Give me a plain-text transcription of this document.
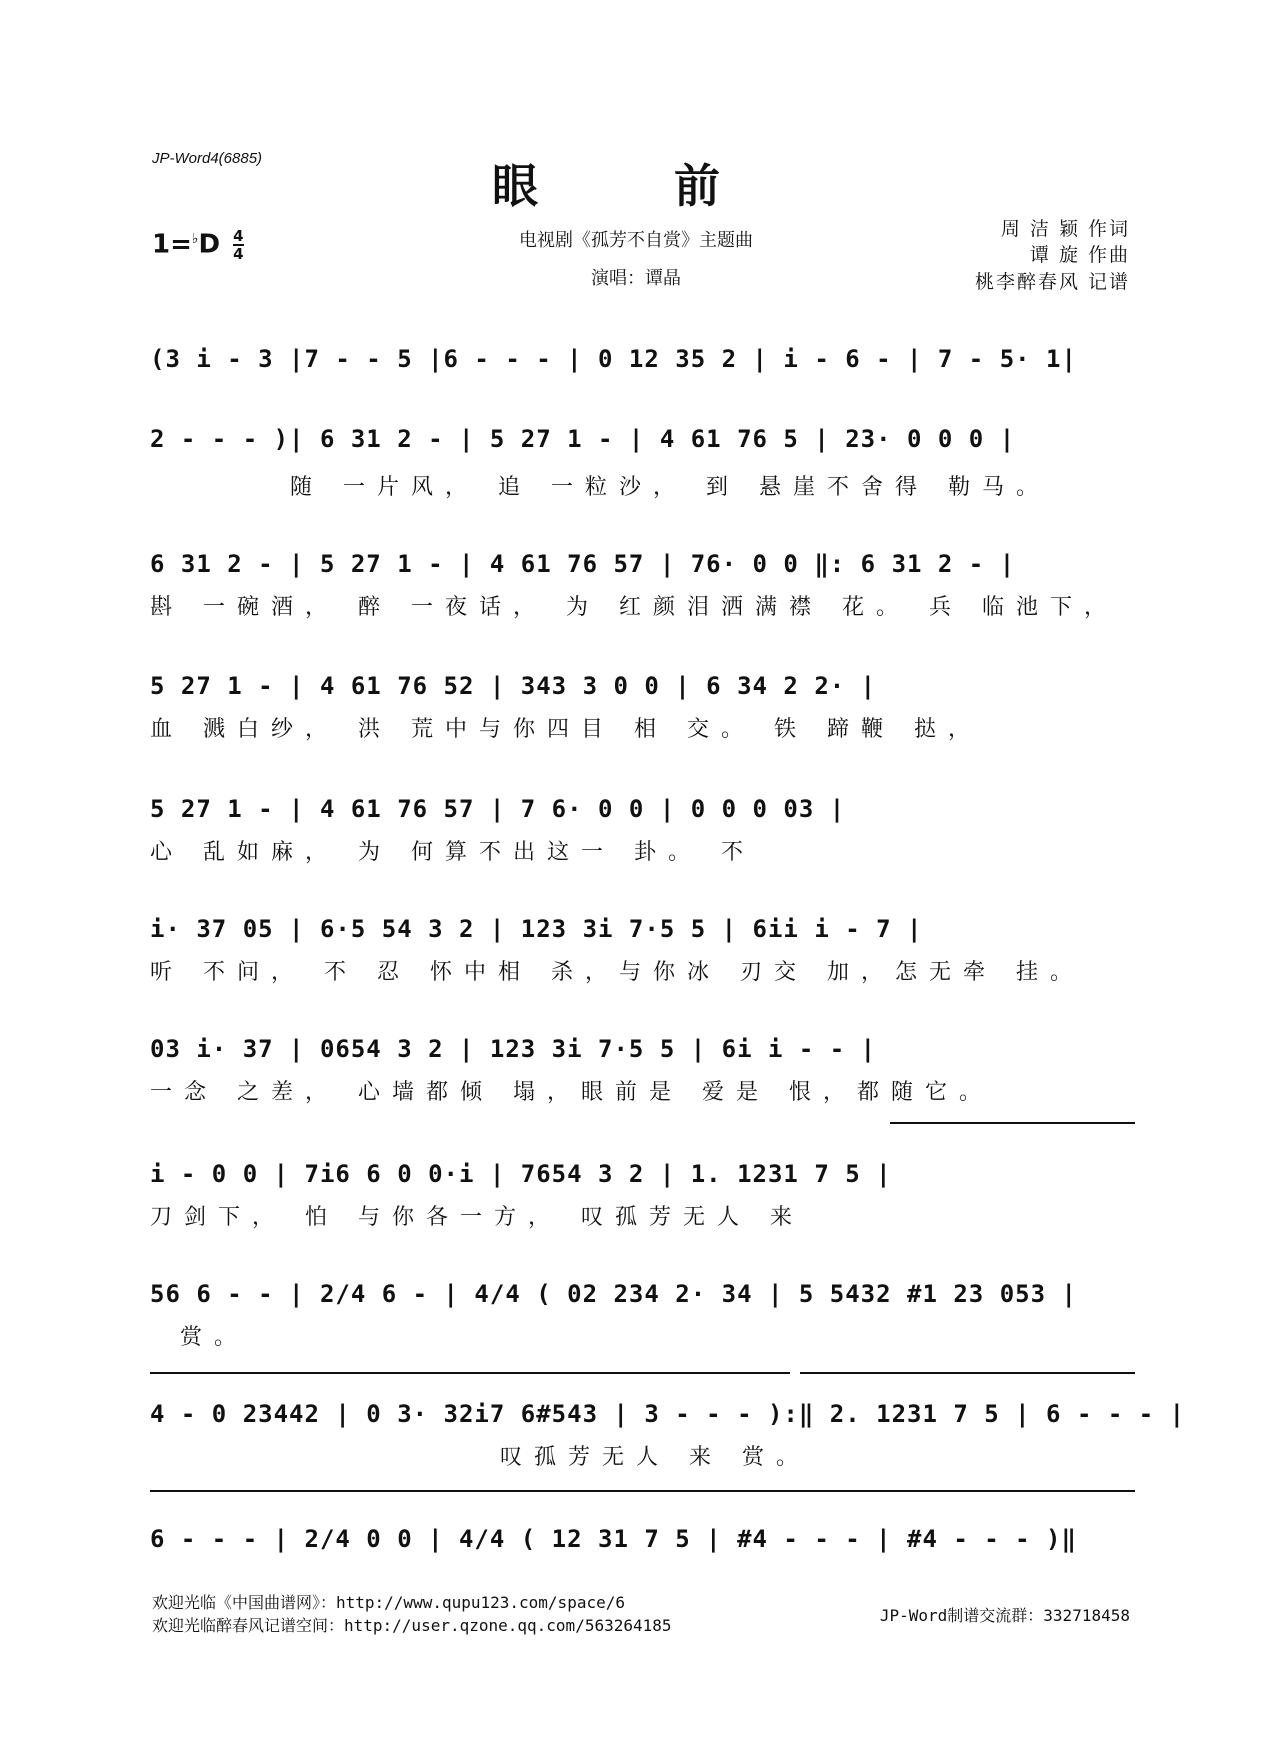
JP-Word4(6885)
眼 前
$1=^♭D \frac{4}{4}$	电视剧《孤芳不自赏》主题曲
演唱：谭晶
周 洁 颖 作词
谭 旋 作曲
桃李醉春风 记谱
(3 i - 3 |7 - - 5 |6 - - - | 0 12 35 2 | i - 6 - | 7 - 5· 1|
2 - - - )| 6 31 2 - | 5 27 1 - | 4 61 76 5 | 23· 0 0 0 |
随 一片风， 追 一粒沙， 到 悬崖不舍得 勒马。
6 31 2 - | 5 27 1 - | 4 61 76 57 | 76· 0 0 ‖: 6 31 2 - |
斟 一碗酒， 醉 一夜话， 为 红颜泪洒满襟 花。 兵 临池下，
5 27 1 - | 4 61 76 52 | 343 3 0 0 | 6 34 2 2· |
血 溅白纱， 洪 荒中与你四目 相 交。 铁 蹄鞭 挞，
5 27 1 - | 4 61 76 57 | 7 6· 0 0 | 0 0 0 03 |
心 乱如麻， 为 何算不出这一 卦。 不
i· 37 05 | 6·5 54 3 2 | 123 3i 7·5 5 | 6ii i - 7 |
听 不问， 不 忍 怀中相 杀，与你冰 刃交 加，怎无牵 挂。
03 i· 37 | 0654 3 2 | 123 3i 7·5 5 | 6i i - - |
一念 之差， 心墙都倾 塌，眼前是 爱是 恨，都随它。
i - 0 0 | 7i6 6 0 0·i | 7654 3 2 | 1. 1231 7 5 |
刀剑下， 怕 与你各一方， 叹孤芳无人 来
56 6 - - | 2/4 6 - | 4/4 ( 02 234 2· 34 | 5 5432 #1 23 053 |
赏。
4 - 0 23442 | 0 3· 32i7 6#543 | 3 - - - ):‖ 2. 1231 7 5 | 6 - - - |
叹孤芳无人 来 赏。
6 - - - | 2/4 0 0 | 4/4 ( 12 31 7 5 | #4 - - - | #4 - - - )‖
欢迎光临《中国曲谱网》：http://www.qupu123.com/space/6
欢迎光临醉春风记谱空间：http://user.qzone.qq.com/563264185
JP-Word制谱交流群：332718458
